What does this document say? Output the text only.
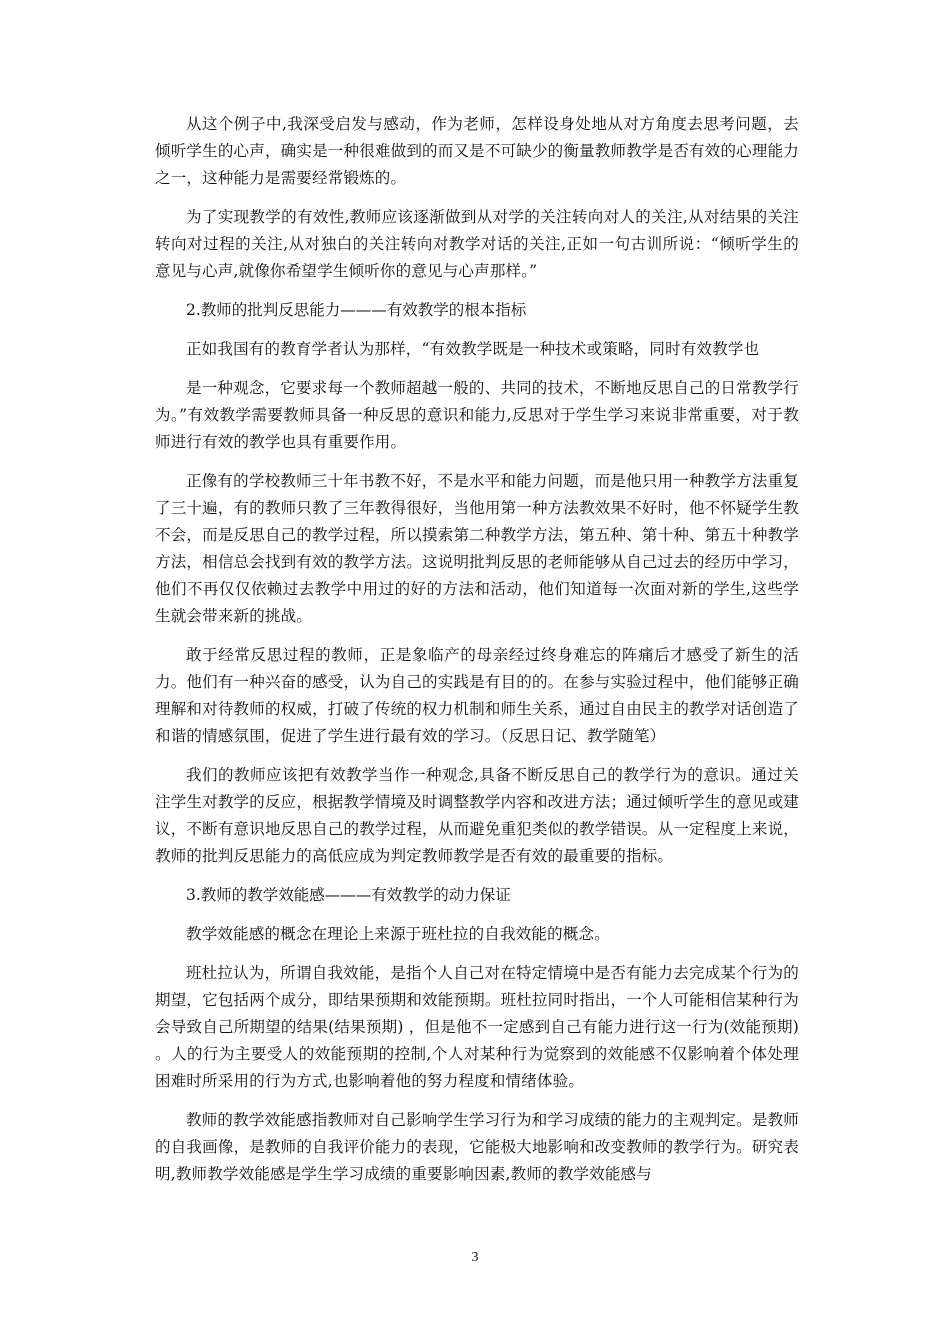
从这个例子中,我深受启发与感动，作为老师，怎样设身处地从对方角度去思考问题，去倾听学生的心声，确实是一种很难做到的而又是不可缺少的衡量教师教学是否有效的心理能力之一，这种能力是需要经常锻炼的。

为了实现教学的有效性,教师应该逐渐做到从对学的关注转向对人的关注,从对结果的关注转向对过程的关注,从对独白的关注转向对教学对话的关注,正如一句古训所说：“倾听学生的意见与心声,就像你希望学生倾听你的意见与心声那样。”

2.教师的批判反思能力———有效教学的根本指标

正如我国有的教育学者认为那样，“有效教学既是一种技术或策略，同时有效教学也

是一种观念，它要求每一个教师超越一般的、共同的技术，不断地反思自己的日常教学行为。”有效教学需要教师具备一种反思的意识和能力,反思对于学生学习来说非常重要，对于教师进行有效的教学也具有重要作用。

正像有的学校教师三十年书教不好，不是水平和能力问题，而是他只用一种教学方法重复了三十遍，有的教师只教了三年教得很好，当他用第一种方法教效果不好时，他不怀疑学生教不会，而是反思自己的教学过程，所以摸索第二种教学方法，第五种、第十种、第五十种教学方法，相信总会找到有效的教学方法。这说明批判反思的老师能够从自己过去的经历中学习，他们不再仅仅依赖过去教学中用过的好的方法和活动，他们知道每一次面对新的学生,这些学生就会带来新的挑战。

敢于经常反思过程的教师，正是象临产的母亲经过终身难忘的阵痛后才感受了新生的活力。他们有一种兴奋的感受，认为自己的实践是有目的的。在参与实验过程中，他们能够正确理解和对待教师的权威，打破了传统的权力机制和师生关系，通过自由民主的教学对话创造了和谐的情感氛围，促进了学生进行最有效的学习。（反思日记、教学随笔）

我们的教师应该把有效教学当作一种观念,具备不断反思自己的教学行为的意识。通过关注学生对教学的反应，根据教学情境及时调整教学内容和改进方法；通过倾听学生的意见或建议，不断有意识地反思自己的教学过程，从而避免重犯类似的教学错误。从一定程度上来说，教师的批判反思能力的高低应成为判定教师教学是否有效的最重要的指标。

3.教师的教学效能感———有效教学的动力保证

教学效能感的概念在理论上来源于班杜拉的自我效能的概念。

班杜拉认为，所谓自我效能，是指个人自己对在特定情境中是否有能力去完成某个行为的期望，它包括两个成分，即结果预期和效能预期。班杜拉同时指出，一个人可能相信某种行为会导致自己所期望的结果(结果预期) ，但是他不一定感到自己有能力进行这一行为(效能预期) 。人的行为主要受人的效能预期的控制,个人对某种行为觉察到的效能感不仅影响着个体处理困难时所采用的行为方式,也影响着他的努力程度和情绪体验。

教师的教学效能感指教师对自己影响学生学习行为和学习成绩的能力的主观判定。是教师的自我画像，是教师的自我评价能力的表现，它能极大地影响和改变教师的教学行为。研究表明,教师教学效能感是学生学习成绩的重要影响因素,教师的教学效能感与

3
